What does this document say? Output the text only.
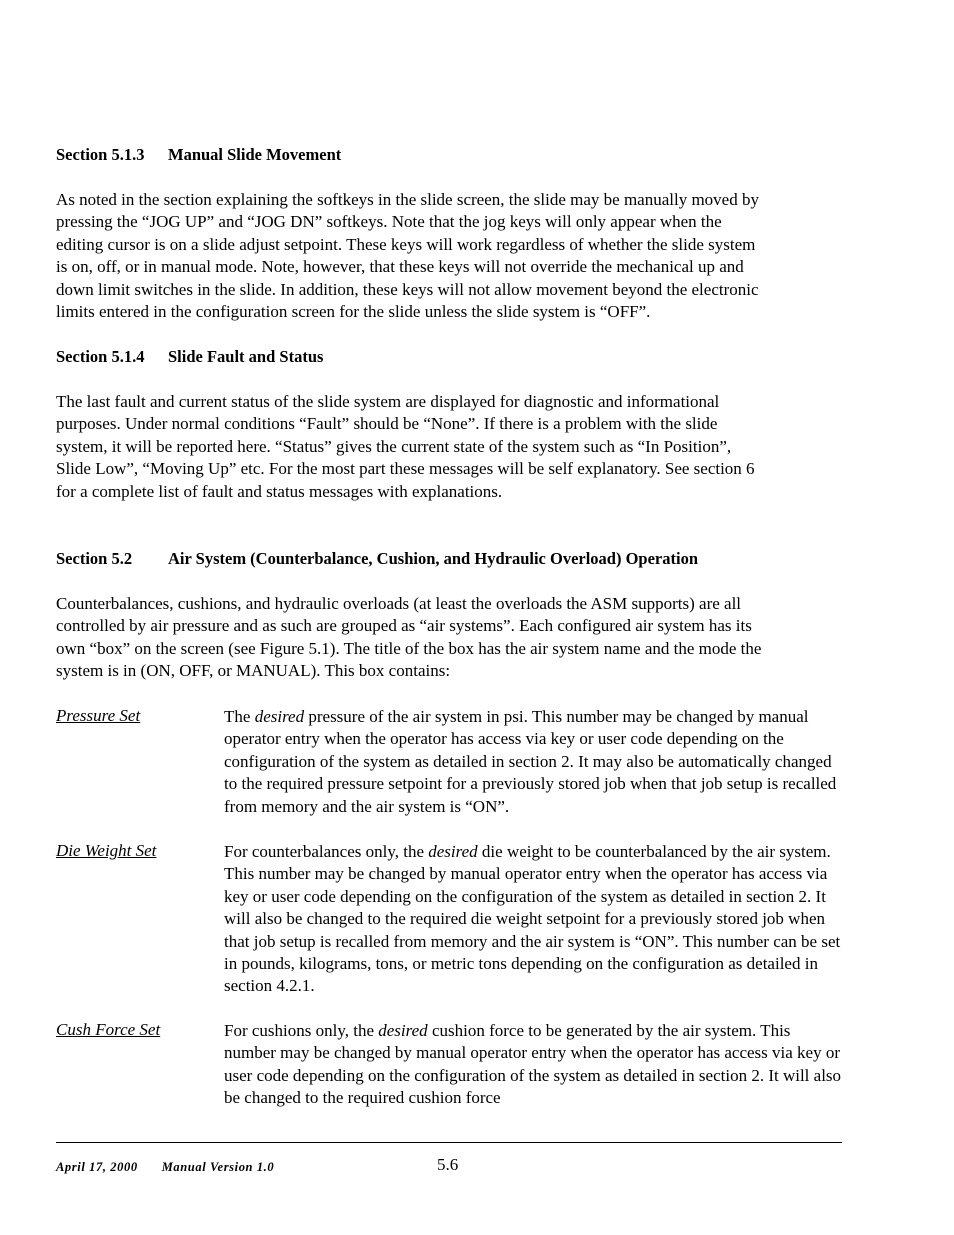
Section 5.1.3 Manual Slide Movement
As noted in the section explaining the softkeys in the slide screen, the slide may be manually moved by
pressing the “JOG UP” and “JOG DN” softkeys. Note that the jog keys will only appear when the
editing cursor is on a slide adjust setpoint. These keys will work regardless of whether the slide system
is on, off, or in manual mode. Note, however, that these keys will not override the mechanical up and
down limit switches in the slide. In addition, these keys will not allow movement beyond the electronic
limits entered in the configuration screen for the slide unless the slide system is “OFF”.
Section 5.1.4 Slide Fault and Status
The last fault and current status of the slide system are displayed for diagnostic and informational
purposes. Under normal conditions “Fault” should be “None”. If there is a problem with the slide
system, it will be reported here. “Status” gives the current state of the system such as “In Position”,
Slide Low”, “Moving Up” etc. For the most part these messages will be self explanatory. See section 6
for a complete list of fault and status messages with explanations.
Section 5.2 Air System (Counterbalance, Cushion, and Hydraulic Overload) Operation
Counterbalances, cushions, and hydraulic overloads (at least the overloads the ASM supports) are all
controlled by air pressure and as such are grouped as “air systems”. Each configured air system has its
own “box” on the screen (see Figure 5.1). The title of the box has the air system name and the mode the
system is in (ON, OFF, or MANUAL). This box contains:
Pressure Set	The desired pressure of the air system in psi. This number may be changed by manual operator entry when the operator has access via key or user code depending on the configuration of the system as detailed in section 2. It may also be automatically changed to the required pressure setpoint for a previously stored job when that job setup is recalled from memory and the air system is “ON”.

Die Weight Set	For counterbalances only, the desired die weight to be counterbalanced by the air system. This number may be changed by manual operator entry when the operator has access via key or user code depending on the configuration of the system as detailed in section 2. It will also be changed to the required die weight setpoint for a previously stored job when that job setup is recalled from memory and the air system is “ON”. This number can be set in pounds, kilograms, tons, or metric tons depending on the configuration as detailed in section 4.2.1.

Cush Force Set	For cushions only, the desired cushion force to be generated by the air system. This number may be changed by manual operator entry when the operator has access via key or user code depending on the configuration of the system as detailed in section 2. It will also be changed to the required cushion force

April 17, 2000 Manual Version 1.0	5.6
